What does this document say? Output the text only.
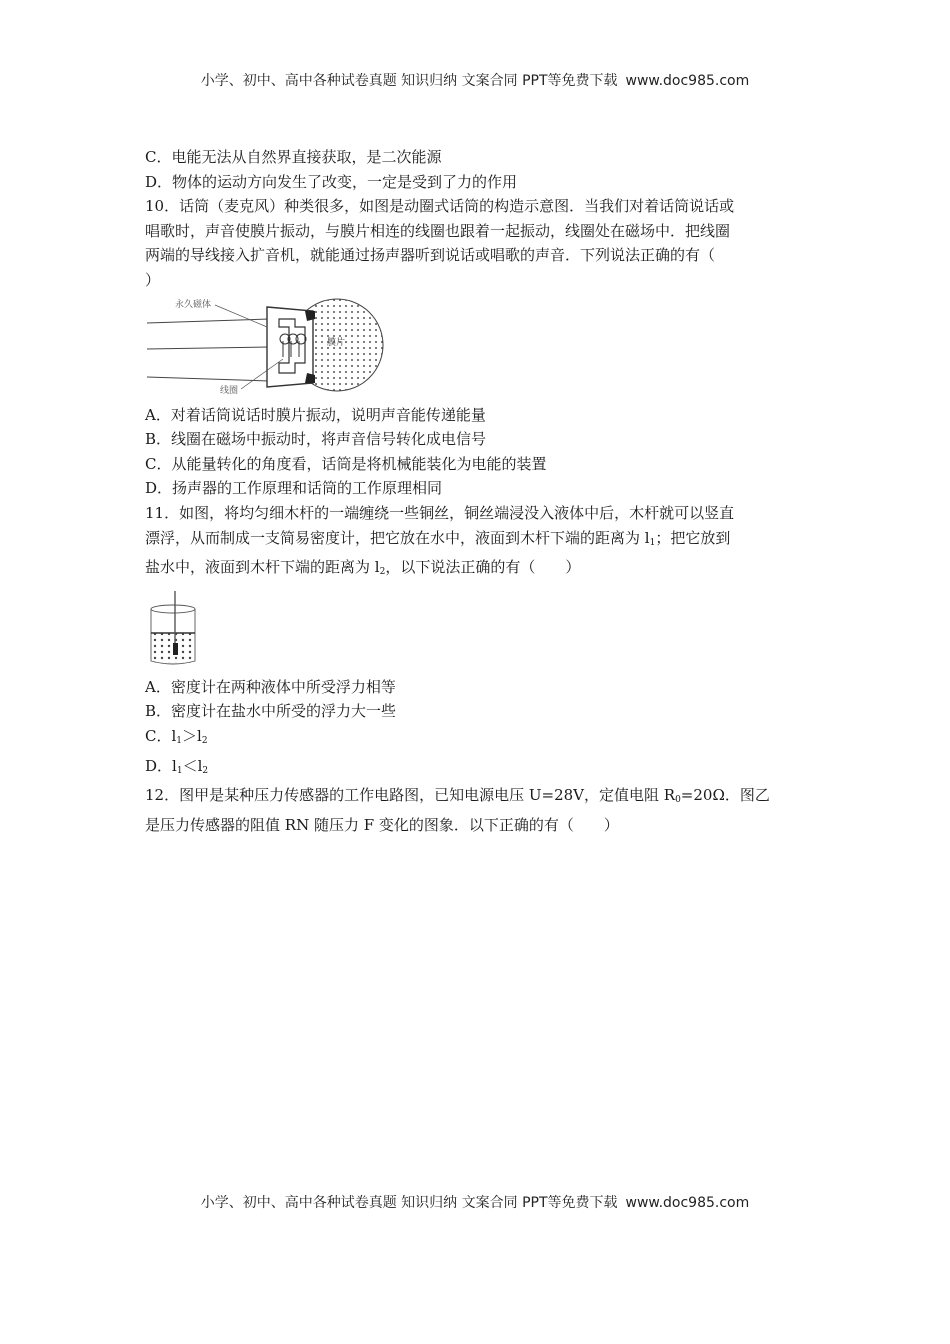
小学、初中、高中各种试卷真题 知识归纳 文案合同 PPT等免费下载 www.doc985.com
C．电能无法从自然界直接获取，是二次能源
D．物体的运动方向发生了改变，一定是受到了力的作用
10．话筒（麦克风）种类很多，如图是动圈式话筒的构造示意图．当我们对着话筒说话或
唱歌时，声音使膜片振动，与膜片相连的线圈也跟着一起振动，线圈处在磁场中．把线圈
两端的导线接入扩音机，就能通过扬声器听到说话或唱歌的声音．下列说法正确的有（
）
永久磁体
膜片
线圈
A．对着话筒说话时膜片振动，说明声音能传递能量
B．线圈在磁场中振动时，将声音信号转化成电信号
C．从能量转化的角度看，话筒是将机械能装化为电能的装置
D．扬声器的工作原理和话筒的工作原理相同
11．如图，将均匀细木杆的一端缠绕一些铜丝，铜丝端浸没入液体中后，木杆就可以竖直
漂浮，从而制成一支简易密度计，把它放在水中，液面到木杆下端的距离为 $l_1$；把它放到
盐水中，液面到木杆下端的距离为 $l_2$，以下说法正确的有（　　）
A．密度计在两种液体中所受浮力相等
B．密度计在盐水中所受的浮力大一些
C．$l_1>l_2$
D．$l_1<l_2$
12．图甲是某种压力传感器的工作电路图，已知电源电压 U=28V，定值电阻 $R_0=20\Omega$．图乙
是压力传感器的阻值 RN 随压力 F 变化的图象．以下正确的有（　　）
小学、初中、高中各种试卷真题 知识归纳 文案合同 PPT等免费下载 www.doc985.com
